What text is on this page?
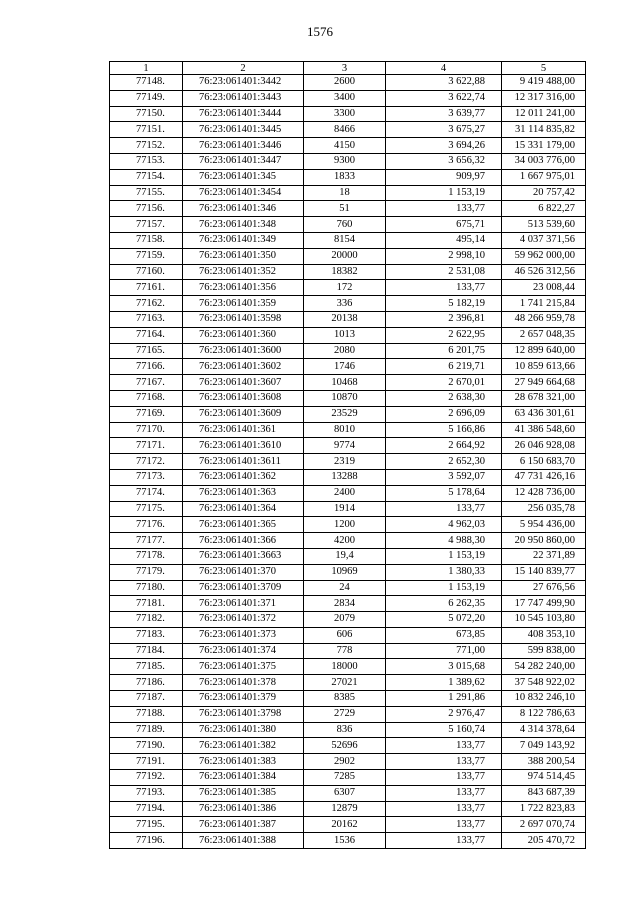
1576
1	2	3	4	5
77148.	76:23:061401:3442	2600	3 622,88	9 419 488,00
77149.	76:23:061401:3443	3400	3 622,74	12 317 316,00
77150.	76:23:061401:3444	3300	3 639,77	12 011 241,00
77151.	76:23:061401:3445	8466	3 675,27	31 114 835,82
77152.	76:23:061401:3446	4150	3 694,26	15 331 179,00
77153.	76:23:061401:3447	9300	3 656,32	34 003 776,00
77154.	76:23:061401:345	1833	909,97	1 667 975,01
77155.	76:23:061401:3454	18	1 153,19	20 757,42
77156.	76:23:061401:346	51	133,77	6 822,27
77157.	76:23:061401:348	760	675,71	513 539,60
77158.	76:23:061401:349	8154	495,14	4 037 371,56
77159.	76:23:061401:350	20000	2 998,10	59 962 000,00
77160.	76:23:061401:352	18382	2 531,08	46 526 312,56
77161.	76:23:061401:356	172	133,77	23 008,44
77162.	76:23:061401:359	336	5 182,19	1 741 215,84
77163.	76:23:061401:3598	20138	2 396,81	48 266 959,78
77164.	76:23:061401:360	1013	2 622,95	2 657 048,35
77165.	76:23:061401:3600	2080	6 201,75	12 899 640,00
77166.	76:23:061401:3602	1746	6 219,71	10 859 613,66
77167.	76:23:061401:3607	10468	2 670,01	27 949 664,68
77168.	76:23:061401:3608	10870	2 638,30	28 678 321,00
77169.	76:23:061401:3609	23529	2 696,09	63 436 301,61
77170.	76:23:061401:361	8010	5 166,86	41 386 548,60
77171.	76:23:061401:3610	9774	2 664,92	26 046 928,08
77172.	76:23:061401:3611	2319	2 652,30	6 150 683,70
77173.	76:23:061401:362	13288	3 592,07	47 731 426,16
77174.	76:23:061401:363	2400	5 178,64	12 428 736,00
77175.	76:23:061401:364	1914	133,77	256 035,78
77176.	76:23:061401:365	1200	4 962,03	5 954 436,00
77177.	76:23:061401:366	4200	4 988,30	20 950 860,00
77178.	76:23:061401:3663	19,4	1 153,19	22 371,89
77179.	76:23:061401:370	10969	1 380,33	15 140 839,77
77180.	76:23:061401:3709	24	1 153,19	27 676,56
77181.	76:23:061401:371	2834	6 262,35	17 747 499,90
77182.	76:23:061401:372	2079	5 072,20	10 545 103,80
77183.	76:23:061401:373	606	673,85	408 353,10
77184.	76:23:061401:374	778	771,00	599 838,00
77185.	76:23:061401:375	18000	3 015,68	54 282 240,00
77186.	76:23:061401:378	27021	1 389,62	37 548 922,02
77187.	76:23:061401:379	8385	1 291,86	10 832 246,10
77188.	76:23:061401:3798	2729	2 976,47	8 122 786,63
77189.	76:23:061401:380	836	5 160,74	4 314 378,64
77190.	76:23:061401:382	52696	133,77	7 049 143,92
77191.	76:23:061401:383	2902	133,77	388 200,54
77192.	76:23:061401:384	7285	133,77	974 514,45
77193.	76:23:061401:385	6307	133,77	843 687,39
77194.	76:23:061401:386	12879	133,77	1 722 823,83
77195.	76:23:061401:387	20162	133,77	2 697 070,74
77196.	76:23:061401:388	1536	133,77	205 470,72
